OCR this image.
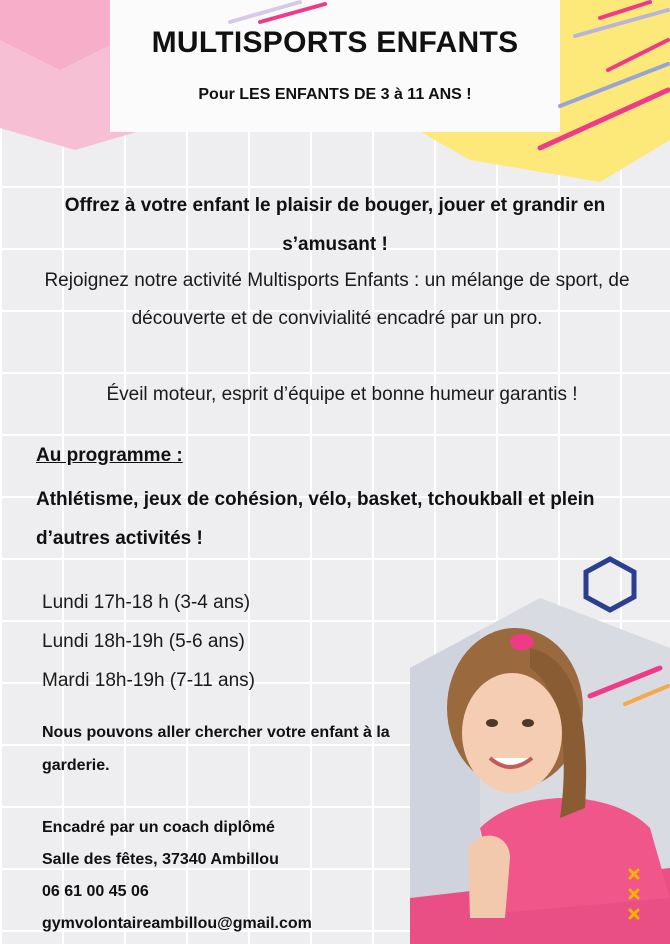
MULTISPORTS ENFANTS
Pour LES ENFANTS DE 3 à 11 ANS !
Offrez à votre enfant le plaisir de bouger, jouer et grandir en s’amusant !
Rejoignez notre activité Multisports Enfants : un mélange de sport, de découverte et de convivialité encadré par un pro.
Éveil moteur, esprit d’équipe et bonne humeur garantis !
Au programme :
Athlétisme, jeux de cohésion, vélo, basket, tchoukball et plein d’autres activités !
Lundi 17h-18 h (3-4 ans)
Lundi 18h-19h (5-6 ans)
Mardi 18h-19h (7-11 ans)
Nous pouvons aller chercher votre enfant à la garderie.
Encadré par un coach diplômé
Salle des fêtes, 37340 Ambillou
06 61 00 45 06
gymvolontaireambillou@gmail.com
